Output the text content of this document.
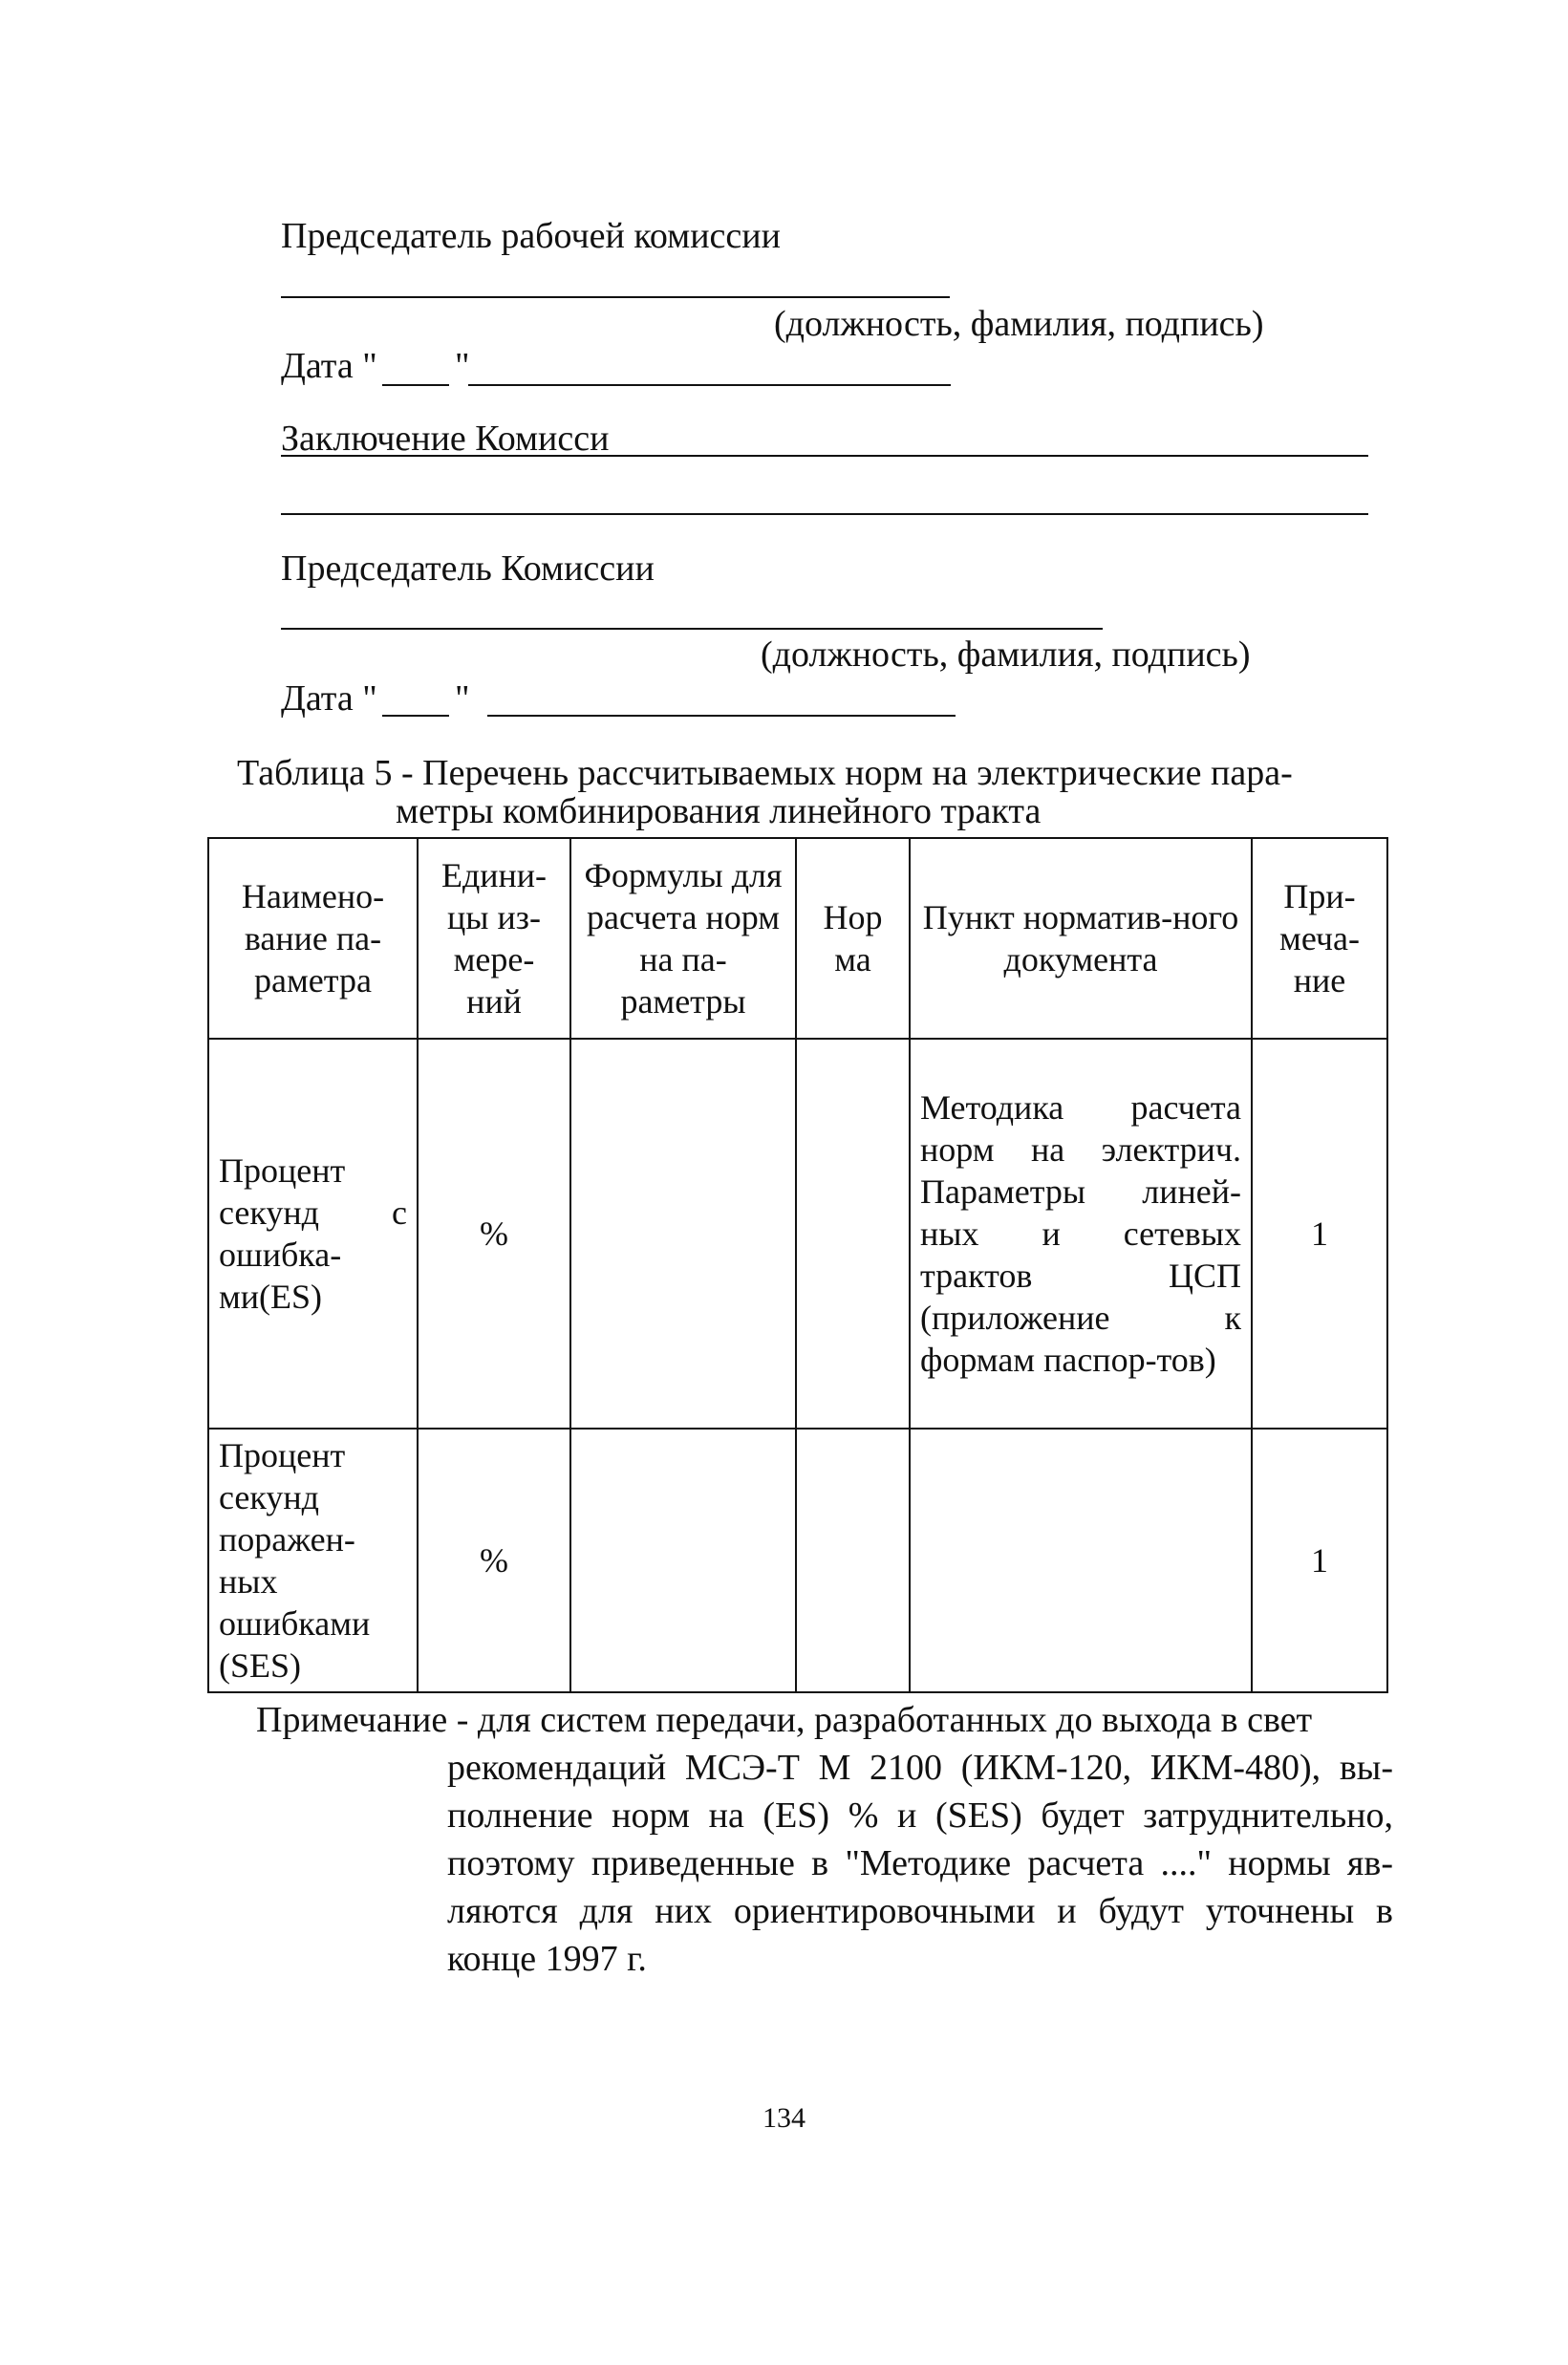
Председатель рабочей комиссии
(должность, фамилия, подпись)
Дата " "
Заключение Комисси
Председатель Комиссии
(должность, фамилия, подпись)
Дата " "
Таблица 5 - Перечень рассчитываемых норм на электрические пара-
метры комбинирования линейного тракта
Наимено-вание па-раметра	Едини-цы из-мере-ний	Формулы для расчета норм на па-раметры	Нор ма	Пункт норматив-ного документа	При-меча-ние
Процент секунд с ошибка-ми(ES)	%			Методика расчета норм на электрич. Параметры линей-ных и сетевых трактов ЦСП (приложение к формам паспор-тов)	1
Процент секунд поражен-ных ошибками (SES)	%				1
Примечание - для систем передачи, разработанных до выхода в свет
рекомендаций МСЭ-Т М 2100 (ИКМ-120, ИКМ-480), вы-полнение норм на (ES) % и (SES) будет затруднительно, поэтому приведенные в "Методике расчета ...." нормы яв-ляются для них ориентировочными и будут уточнены в конце 1997 г.
134
